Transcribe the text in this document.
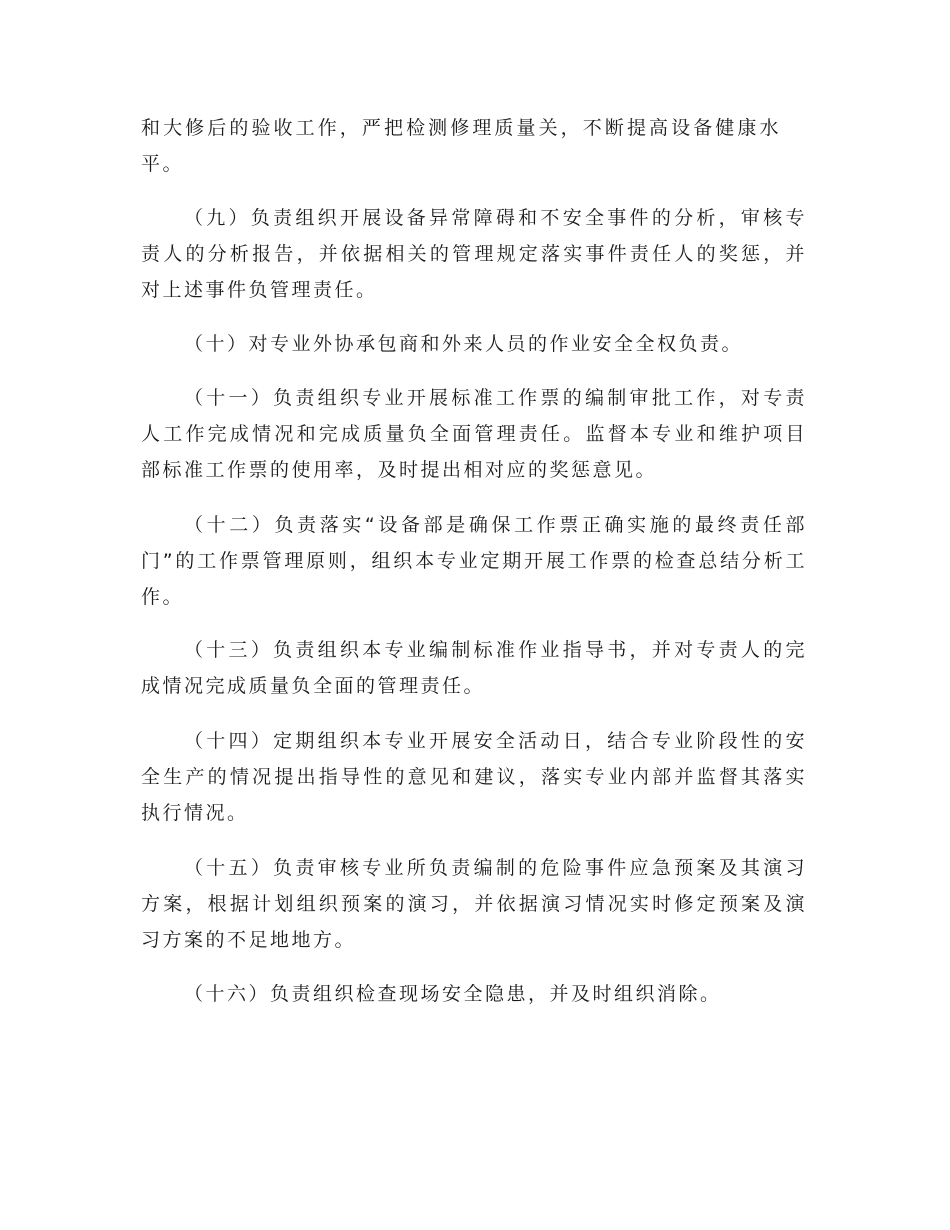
和大修后的验收工作，严把检测修理质量关，不断提高设备健康水平。

（九）负责组织开展设备异常障碍和不安全事件的分析，审核专责人的分析报告，并依据相关的管理规定落实事件责任人的奖惩，并对上述事件负管理责任。

（十）对专业外协承包商和外来人员的作业安全全权负责。

（十一）负责组织专业开展标准工作票的编制审批工作，对专责人工作完成情况和完成质量负全面管理责任。监督本专业和维护项目部标准工作票的使用率，及时提出相对应的奖惩意见。

（十二）负责落实“设备部是确保工作票正确实施的最终责任部门”的工作票管理原则，组织本专业定期开展工作票的检查总结分析工作。

（十三）负责组织本专业编制标准作业指导书，并对专责人的完成情况完成质量负全面的管理责任。

（十四）定期组织本专业开展安全活动日，结合专业阶段性的安全生产的情况提出指导性的意见和建议，落实专业内部并监督其落实执行情况。

（十五）负责审核专业所负责编制的危险事件应急预案及其演习方案，根据计划组织预案的演习，并依据演习情况实时修定预案及演习方案的不足地地方。

（十六）负责组织检查现场安全隐患，并及时组织消除。
